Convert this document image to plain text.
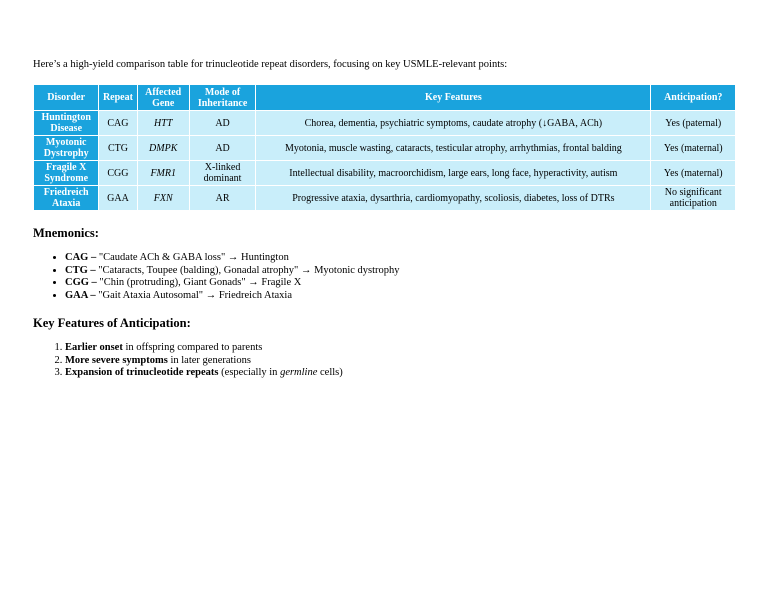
Here’s a high-yield comparison table for trinucleotide repeat disorders, focusing on key USMLE-relevant points:
Disorder	Repeat	Affected Gene	Mode of Inheritance	Key Features	Anticipation?
Huntington Disease	CAG	HTT	AD	Chorea, dementia, psychiatric symptoms, caudate atrophy (↓GABA, ACh)	Yes (paternal)
Myotonic Dystrophy	CTG	DMPK	AD	Myotonia, muscle wasting, cataracts, testicular atrophy, arrhythmias, frontal balding	Yes (maternal)
Fragile X Syndrome	CGG	FMR1	X-linked dominant	Intellectual disability, macroorchidism, large ears, long face, hyperactivity, autism	Yes (maternal)
Friedreich Ataxia	GAA	FXN	AR	Progressive ataxia, dysarthria, cardiomyopathy, scoliosis, diabetes, loss of DTRs	No significant anticipation
Mnemonics:
• CAG – "Caudate ACh & GABA loss" → Huntington
• CTG – "Cataracts, Toupee (balding), Gonadal atrophy" → Myotonic dystrophy
• CGG – "Chin (protruding), Giant Gonads" → Fragile X
• GAA – "Gait Ataxia Autosomal" → Friedreich Ataxia
Key Features of Anticipation:
1. Earlier onset in offspring compared to parents
2. More severe symptoms in later generations
3. Expansion of trinucleotide repeats (especially in germline cells)
